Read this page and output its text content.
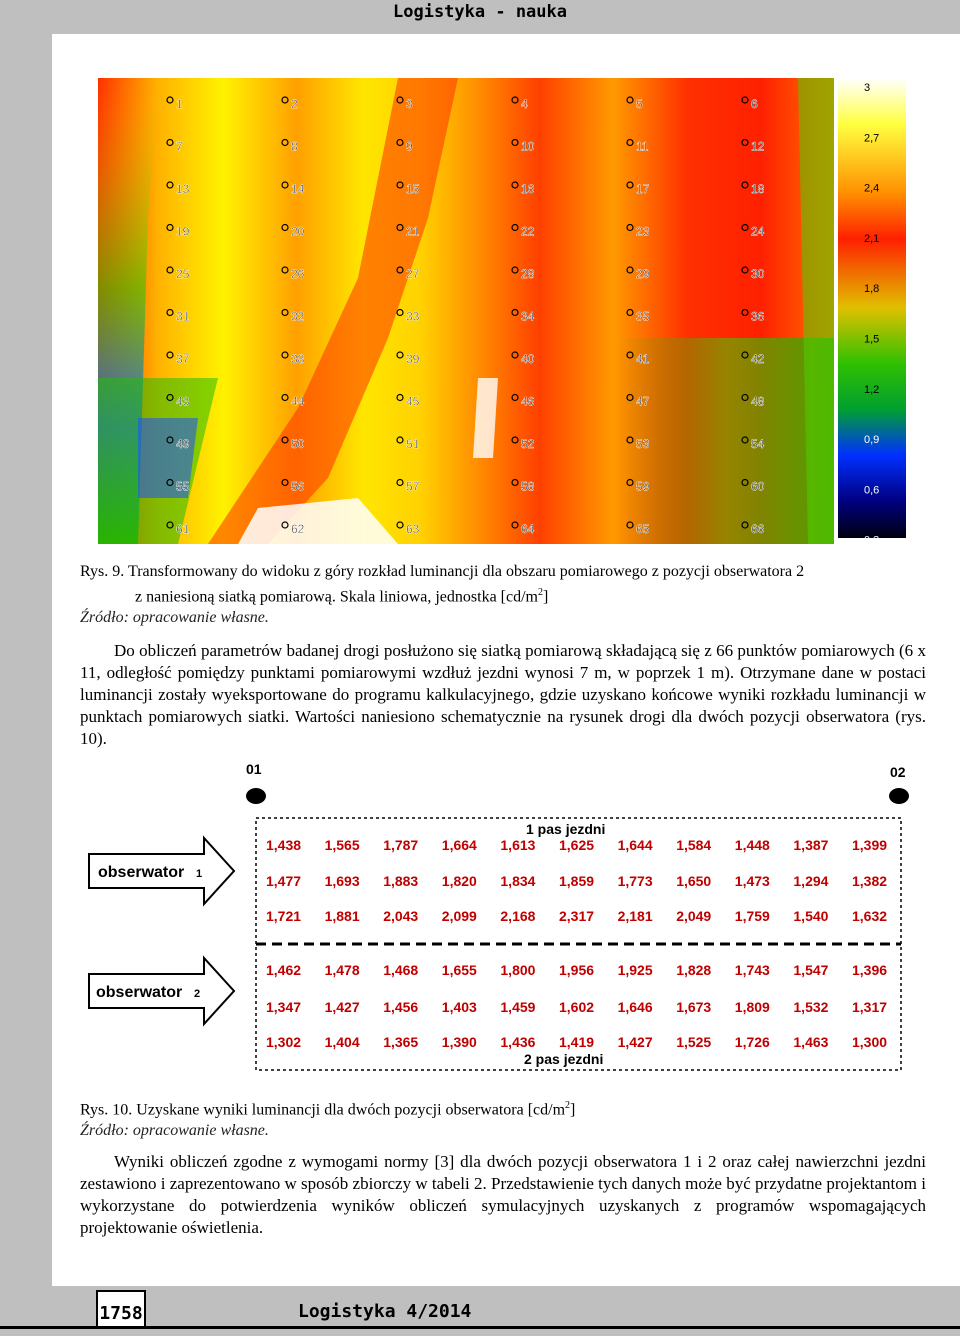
Logistyka - nauka
1	2	3	4	5	6
7	8	9	10	11	12
13	14	15	16	17	18
19	20	21	22	23	24
25	26	27	28	29	30
31	32	33	34	35	36
37	38	39	40	41	42
43	44	45	46	47	48
49	50	51	52	53	54
55	56	57	58	59	60
61	62	63	64	65	66
3
2,7
2,4
2,1
1,8
1,5
1,2
0,9
0,6
0,3
Rys. 9. Transformowany do widoku z góry rozkład luminancji dla obszaru pomiarowego z pozycji obserwatora 2
z naniesioną siatką pomiarową. Skala liniowa, jednostka $[cd/m^2]$
Źródło: opracowanie własne.
Do obliczeń parametrów badanej drogi posłużono się siatką pomiarową składającą się z 66 punktów pomiarowych (6 x 11, odległość pomiędzy punktami pomiarowymi wzdłuż jezdni wynosi 7 m, w poprzek 1 m). Otrzymane dane w postaci luminancji zostały wyeksportowane do programu kalkulacyjnego, gdzie uzyskano końcowe wyniki rozkładu luminancji w punktach pomiarowych siatki. Wartości naniesiono schematycznie na rysunek drogi dla dwóch pozycji obserwatora (rys. 10).
01	02
1 pas jezdni
2 pas jezdni
obserwator 1
obserwator 2
1,438 1,565 1,787 1,664 1,613 1,625 1,644 1,584 1,448 1,387 1,399
1,477 1,693 1,883 1,820 1,834 1,859 1,773 1,650 1,473 1,294 1,382
1,721 1,881 2,043 2,099 2,168 2,317 2,181 2,049 1,759 1,540 1,632
1,462 1,478 1,468 1,655 1,800 1,956 1,925 1,828 1,743 1,547 1,396
1,347 1,427 1,456 1,403 1,459 1,602 1,646 1,673 1,809 1,532 1,317
1,302 1,404 1,365 1,390 1,436 1,419 1,427 1,525 1,726 1,463 1,300
Rys. 10. Uzyskane wyniki luminancji dla dwóch pozycji obserwatora $[cd/m^2]$
Źródło: opracowanie własne.
Wyniki obliczeń zgodne z wymogami normy [3] dla dwóch pozycji obserwatora 1 i 2 oraz całej nawierzchni jezdni zestawiono i zaprezentowano w sposób zbiorczy w tabeli 2. Przedstawienie tych danych może być przydatne projektantom i wykorzystane do potwierdzenia wyników obliczeń symulacyjnych uzyskanych z programów wspomagających projektowanie oświetlenia.
1758	Logistyka 4/2014
